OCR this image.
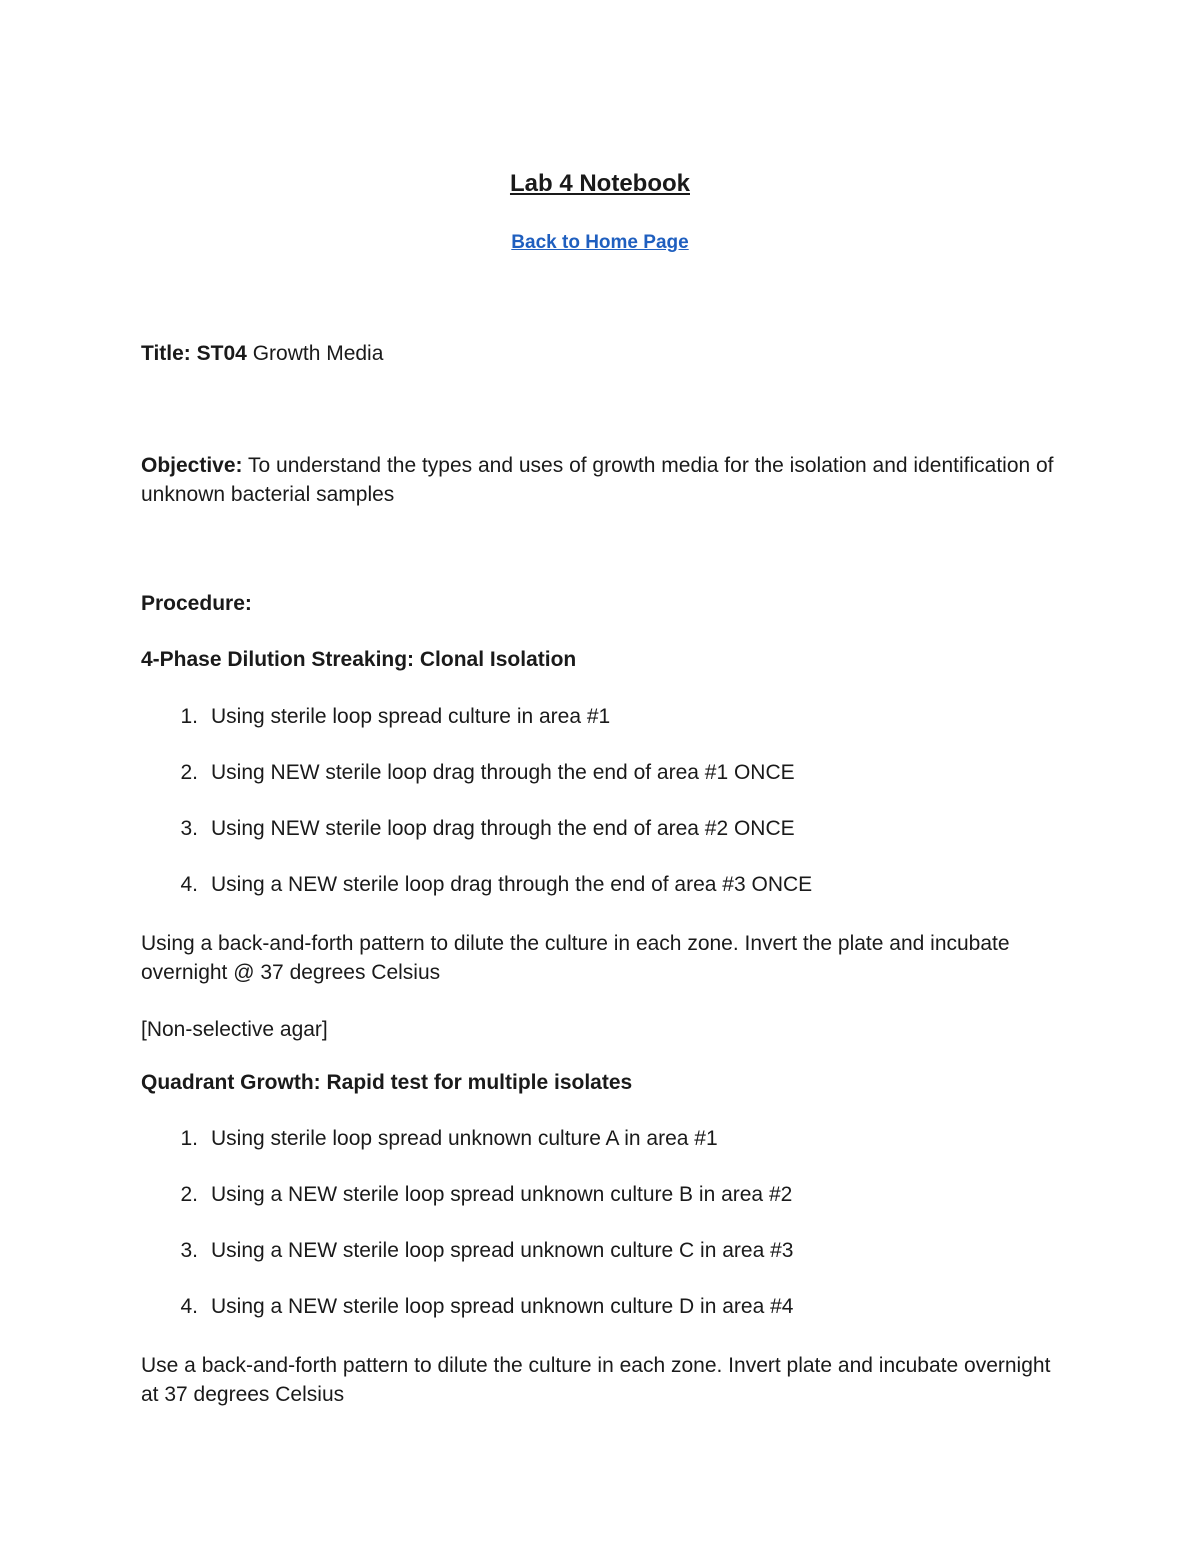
Lab 4 Notebook
Back to Home Page
Title: ST04 Growth Media
Objective: To understand the types and uses of growth media for the isolation and identification of unknown bacterial samples
Procedure:
4-Phase Dilution Streaking: Clonal Isolation
1. Using sterile loop spread culture in area #1
2. Using NEW sterile loop drag through the end of area #1 ONCE
3. Using NEW sterile loop drag through the end of area #2 ONCE
4. Using a NEW sterile loop drag through the end of area #3 ONCE
Using a back-and-forth pattern to dilute the culture in each zone. Invert the plate and incubate overnight @ 37 degrees Celsius
[Non-selective agar]
Quadrant Growth: Rapid test for multiple isolates
1. Using sterile loop spread unknown culture A in area #1
2. Using a NEW sterile loop spread unknown culture B in area #2
3. Using a NEW sterile loop spread unknown culture C in area #3
4. Using a NEW sterile loop spread unknown culture D in area #4
Use a back-and-forth pattern to dilute the culture in each zone. Invert plate and incubate overnight at 37 degrees Celsius
